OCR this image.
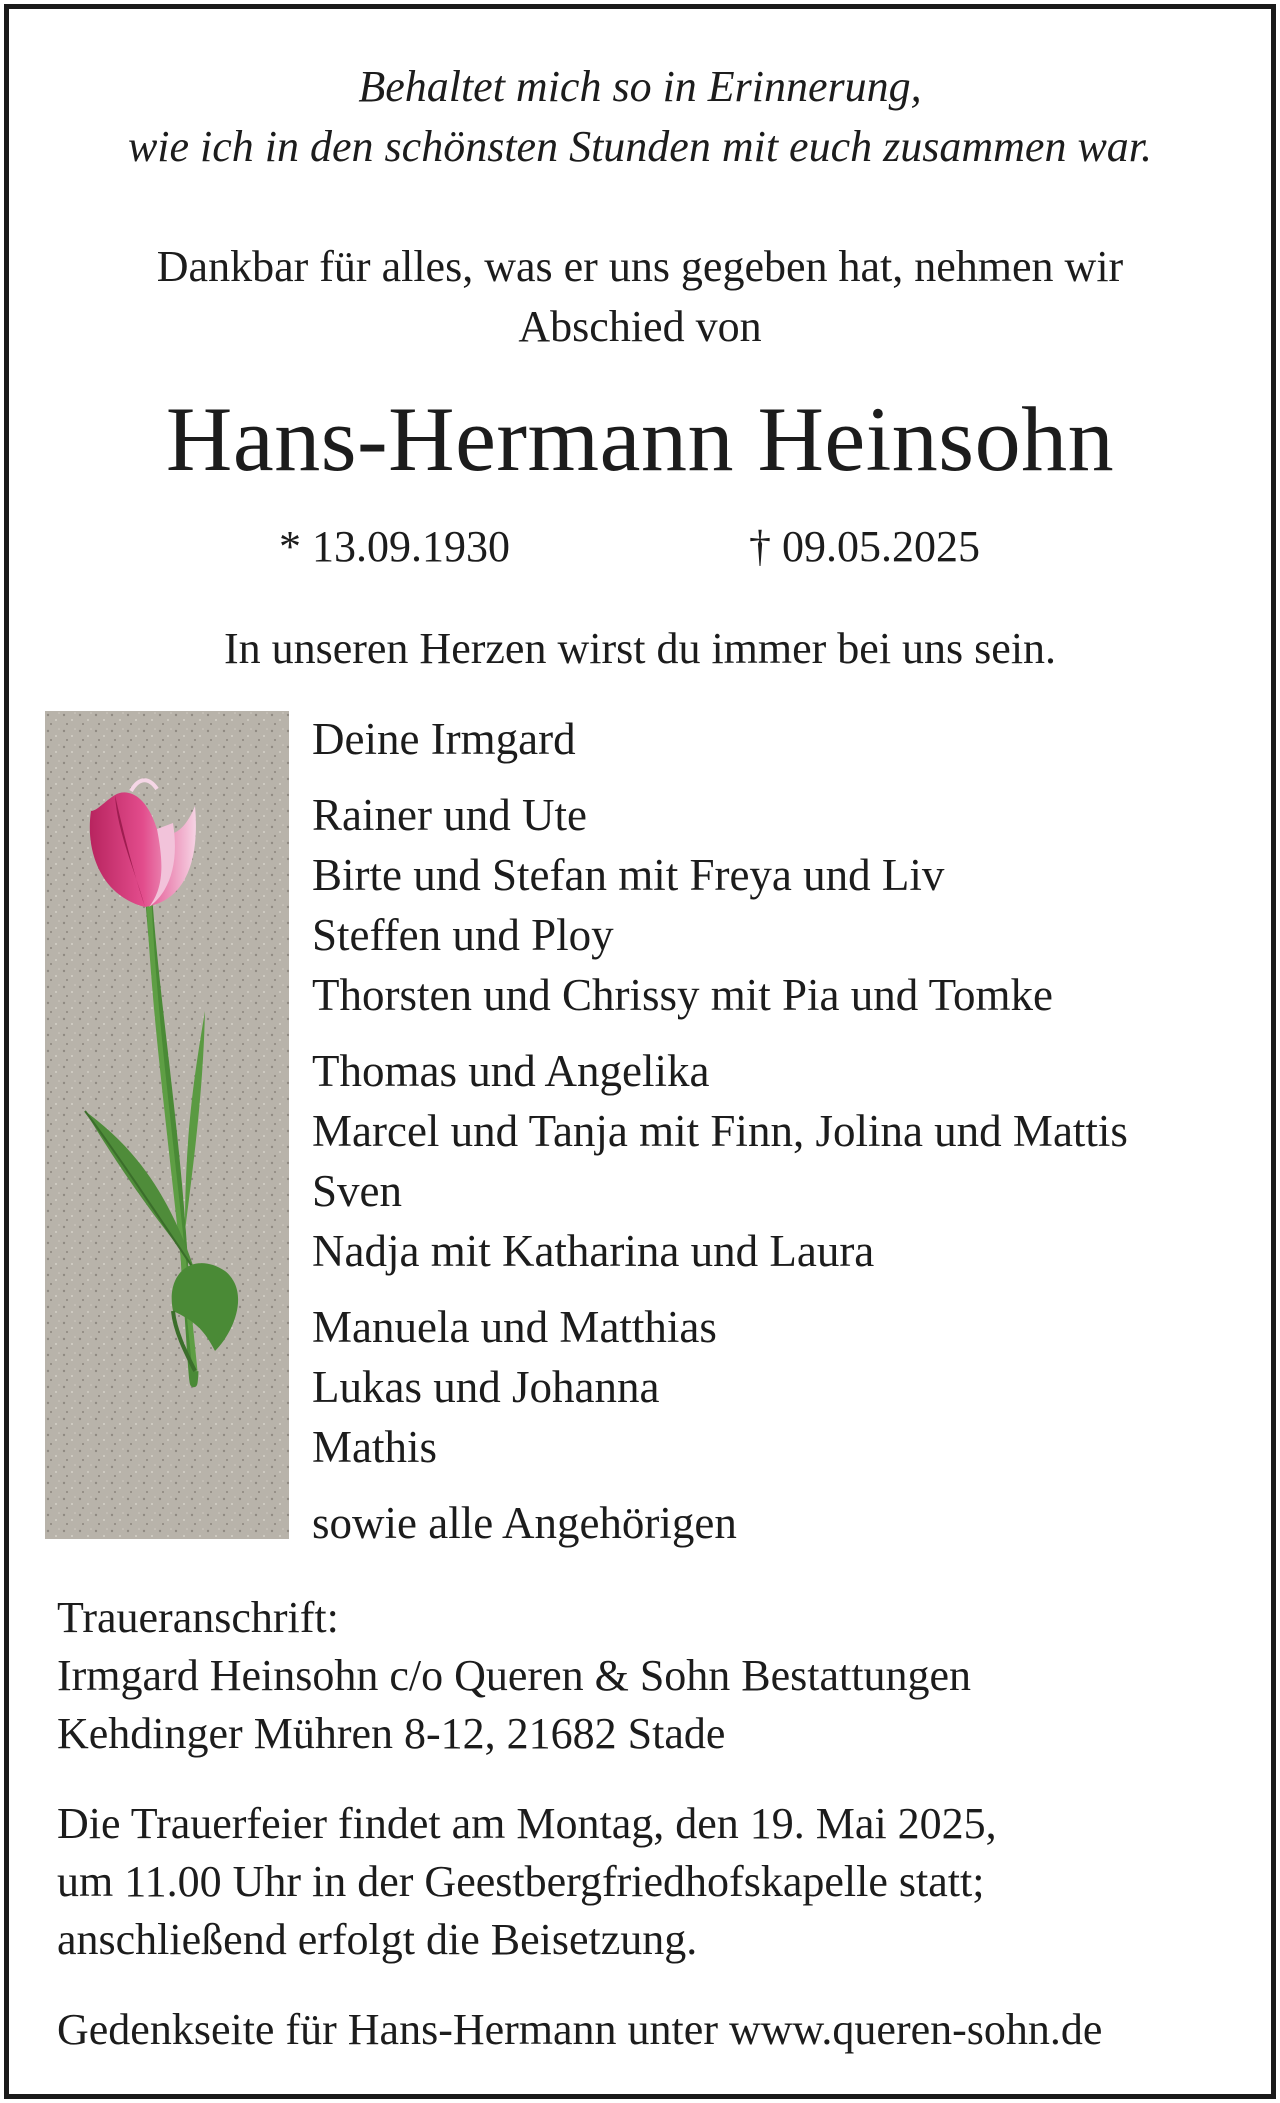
Behaltet mich so in Erinnerung,
wie ich in den schönsten Stunden mit euch zusammen war.
Dankbar für alles, was er uns gegeben hat, nehmen wir
Abschied von
Hans-Hermann Heinsohn
* 13.09.1930	† 09.05.2025
In unseren Herzen wirst du immer bei uns sein.
Deine Irmgard
Rainer und Ute
Birte und Stefan mit Freya und Liv
Steffen und Ploy
Thorsten und Chrissy mit Pia und Tomke
Thomas und Angelika
Marcel und Tanja mit Finn, Jolina und Mattis
Sven
Nadja mit Katharina und Laura
Manuela und Matthias
Lukas und Johanna
Mathis
sowie alle Angehörigen
Traueranschrift:
Irmgard Heinsohn c/o Queren & Sohn Bestattungen
Kehdinger Mühren 8-12, 21682 Stade
Die Trauerfeier findet am Montag, den 19. Mai 2025,
um 11.00 Uhr in der Geestbergfriedhofskapelle statt;
anschließend erfolgt die Beisetzung.
Gedenkseite für Hans-Hermann unter www.queren-sohn.de
